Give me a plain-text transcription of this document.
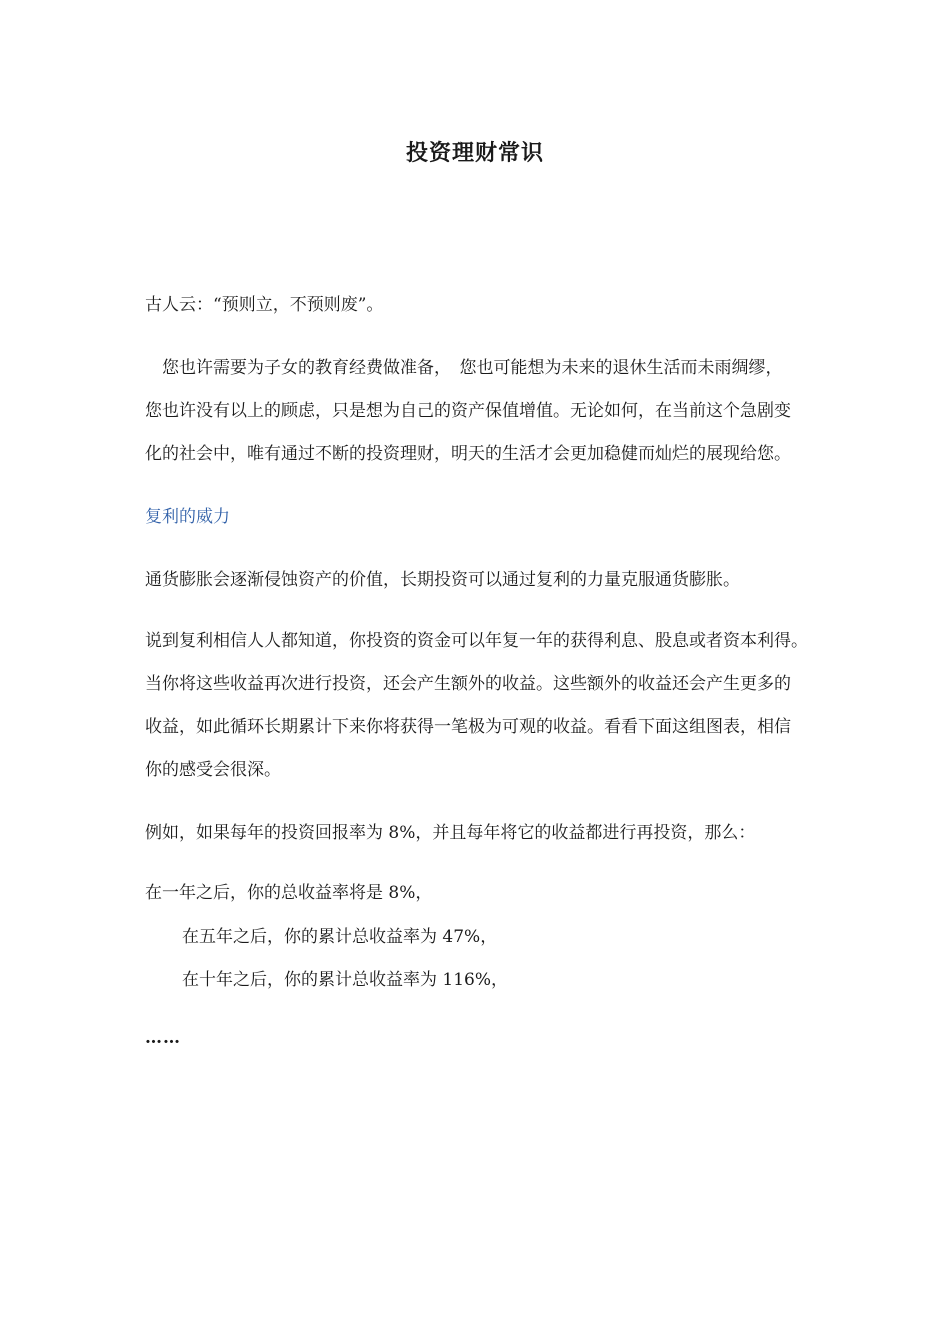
投资理财常识
古人云：“预则立，不预则废”。
　您也许需要为子女的教育经费做准备，　您也可能想为未来的退休生活而未雨绸缪，
您也许没有以上的顾虑，只是想为自己的资产保值增值。无论如何，在当前这个急剧变
化的社会中，唯有通过不断的投资理财，明天的生活才会更加稳健而灿烂的展现给您。
复利的威力
通货膨胀会逐渐侵蚀资产的价值，长期投资可以通过复利的力量克服通货膨胀。
说到复利相信人人都知道，你投资的资金可以年复一年的获得利息、股息或者资本利得。
当你将这些收益再次进行投资，还会产生额外的收益。这些额外的收益还会产生更多的
收益，如此循环长期累计下来你将获得一笔极为可观的收益。看看下面这组图表，相信
你的感受会很深。
例如，如果每年的投资回报率为 8%，并且每年将它的收益都进行再投资，那么：
在一年之后，你的总收益率将是 8%，
在五年之后，你的累计总收益率为 47%，
在十年之后，你的累计总收益率为 116%，
……
